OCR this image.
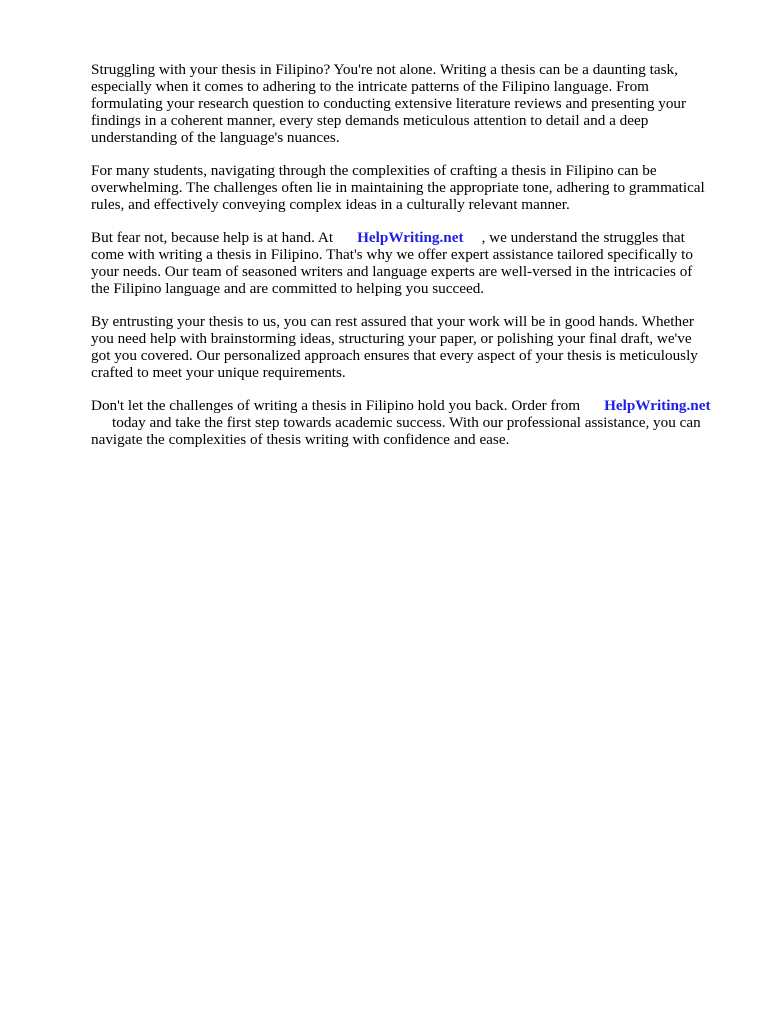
Struggling with your thesis in Filipino? You're not alone. Writing a thesis can be a daunting task,
especially when it comes to adhering to the intricate patterns of the Filipino language. From
formulating your research question to conducting extensive literature reviews and presenting your
findings in a coherent manner, every step demands meticulous attention to detail and a deep
understanding of the language's nuances.
For many students, navigating through the complexities of crafting a thesis in Filipino can be
overwhelming. The challenges often lie in maintaining the appropriate tone, adhering to grammatical
rules, and effectively conveying complex ideas in a culturally relevant manner.
But fear not, because help is at hand. At HelpWriting.net , we understand the struggles that
come with writing a thesis in Filipino. That's why we offer expert assistance tailored specifically to
your needs. Our team of seasoned writers and language experts are well-versed in the intricacies of
the Filipino language and are committed to helping you succeed.
By entrusting your thesis to us, you can rest assured that your work will be in good hands. Whether
you need help with brainstorming ideas, structuring your paper, or polishing your final draft, we've
got you covered. Our personalized approach ensures that every aspect of your thesis is meticulously
crafted to meet your unique requirements.
Don't let the challenges of writing a thesis in Filipino hold you back. Order from HelpWriting.net
today and take the first step towards academic success. With our professional assistance, you can
navigate the complexities of thesis writing with confidence and ease.
